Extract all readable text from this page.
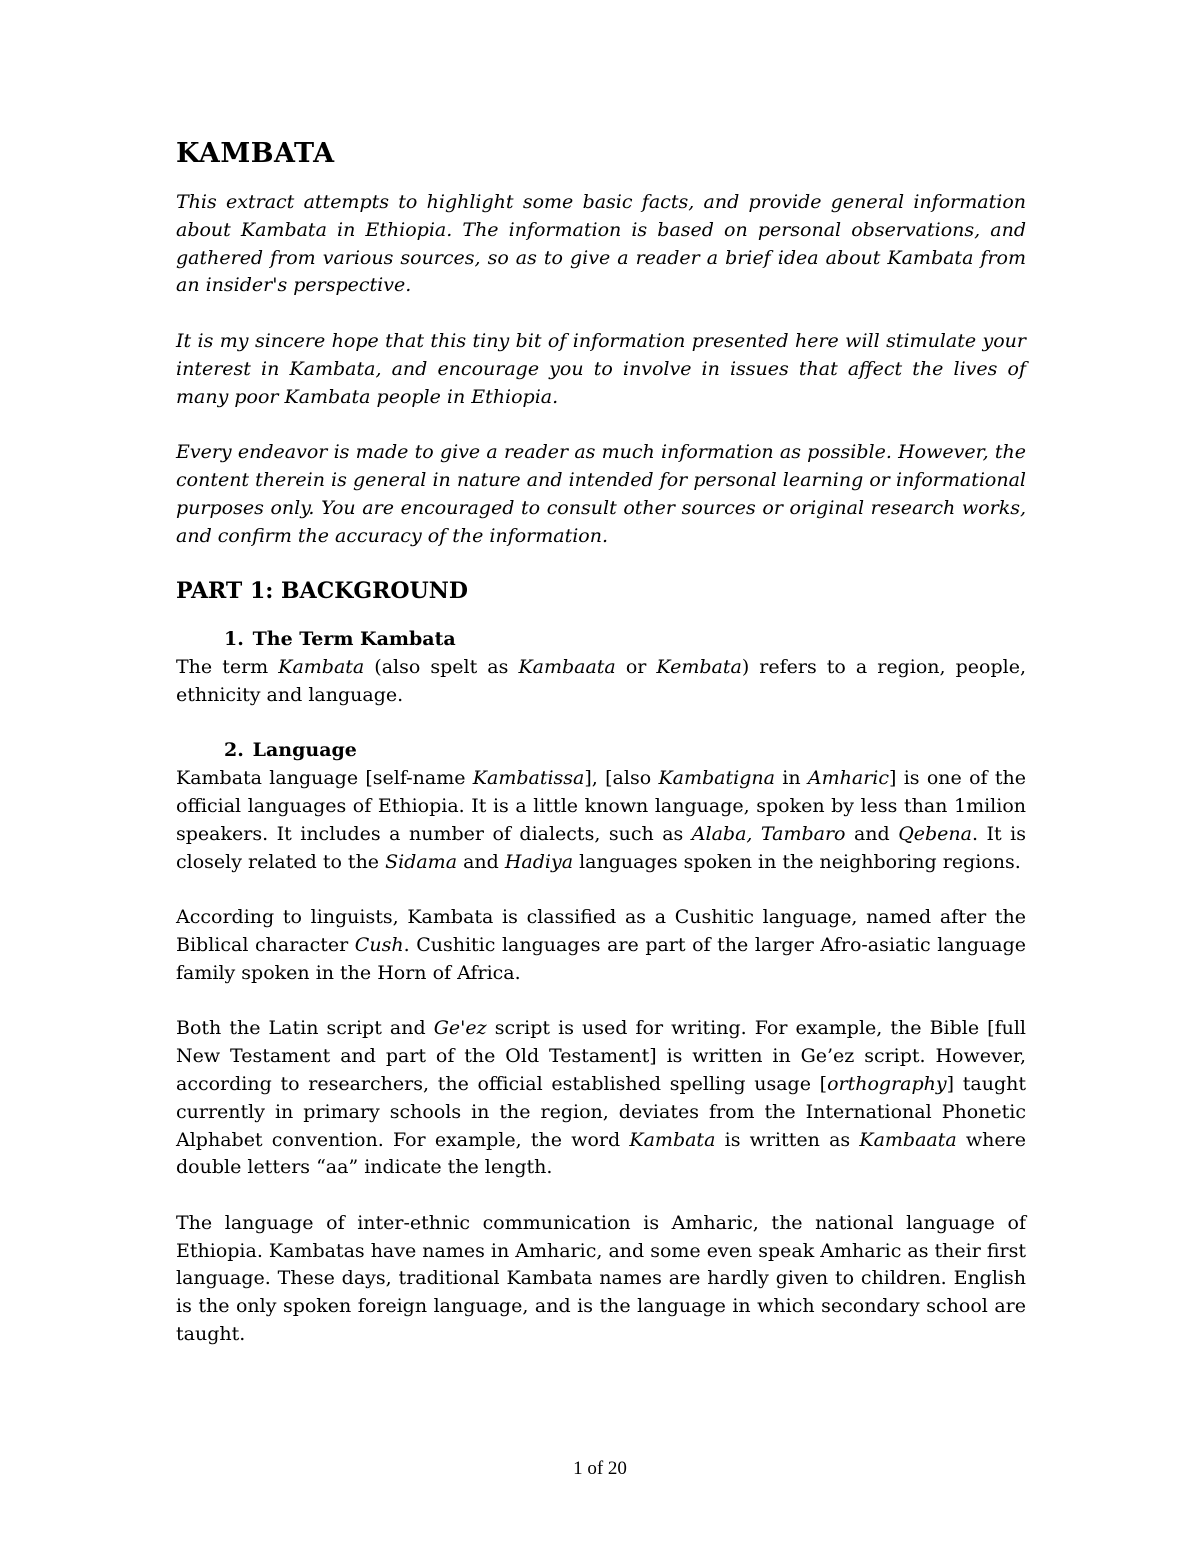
KAMBATA

This extract attempts to highlight some basic facts, and provide general information about Kambata in Ethiopia. The information is based on personal observations, and gathered from various sources, so as to give a reader a brief idea about Kambata from an insider's perspective.

It is my sincere hope that this tiny bit of information presented here will stimulate your interest in Kambata, and encourage you to involve in issues that affect the lives of many poor Kambata people in Ethiopia.

Every endeavor is made to give a reader as much information as possible. However, the content therein is general in nature and intended for personal learning or informational purposes only. You are encouraged to consult other sources or original research works, and confirm the accuracy of the information.

PART 1: BACKGROUND
1. The Term Kambata

The term Kambata (also spelt as Kambaata or Kembata) refers to a region, people, ethnicity and language.

2. Language

Kambata language [self-name Kambatissa], [also Kambatigna in Amharic] is one of the official languages of Ethiopia. It is a little known language, spoken by less than 1milion speakers. It includes a number of dialects, such as Alaba, Tambaro and Qebena. It is closely related to the Sidama and Hadiya languages spoken in the neighboring regions.

According to linguists, Kambata is classified as a Cushitic language, named after the Biblical character Cush. Cushitic languages are part of the larger Afro-asiatic language family spoken in the Horn of Africa.

Both the Latin script and Ge'ez script is used for writing. For example, the Bible [full New Testament and part of the Old Testament] is written in Ge’ez script. However, according to researchers, the official established spelling usage [orthography] taught currently in primary schools in the region, deviates from the International Phonetic Alphabet convention. For example, the word Kambata is written as Kambaata where double letters “aa” indicate the length.

The language of inter-ethnic communication is Amharic, the national language of Ethiopia. Kambatas have names in Amharic, and some even speak Amharic as their first language. These days, traditional Kambata names are hardly given to children. English is the only spoken foreign language, and is the language in which secondary school are taught.

1 of 20
